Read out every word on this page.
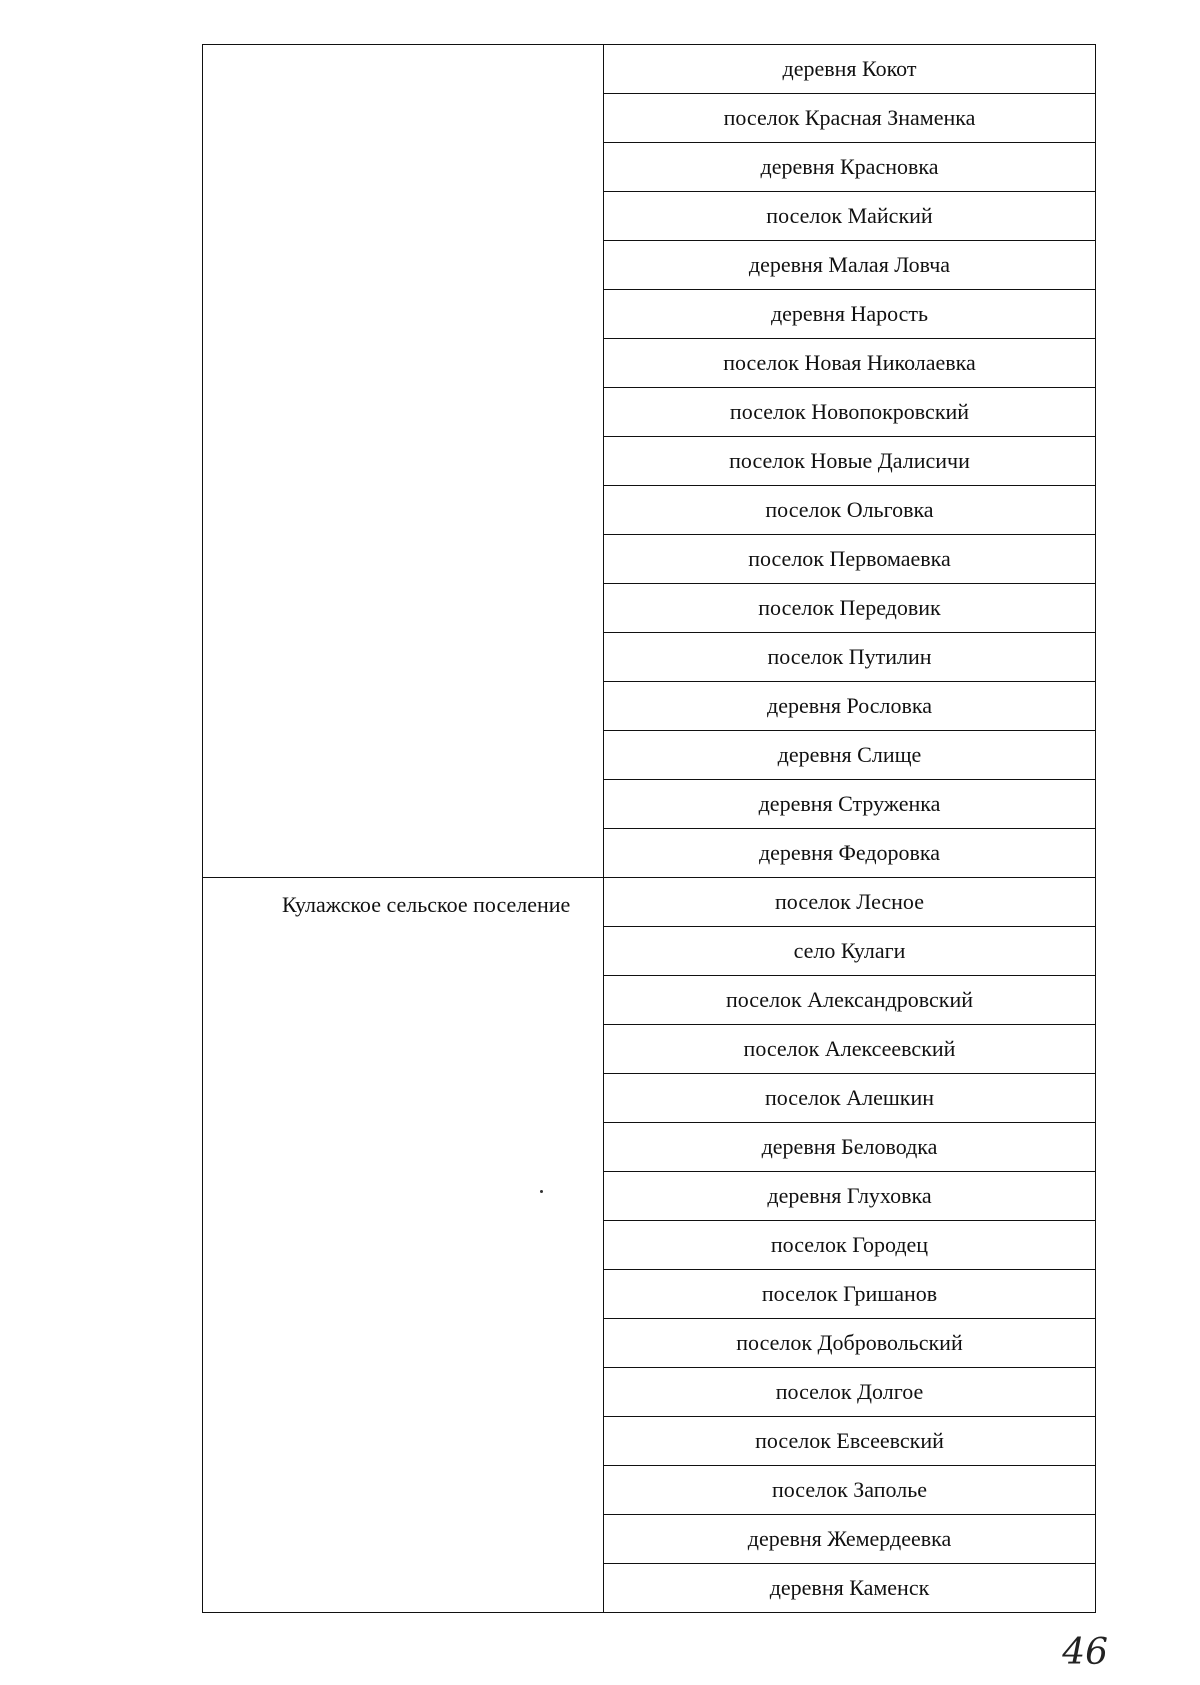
	деревня Кокот
	поселок Красная Знаменка
	деревня Красновка
	поселок Майский
	деревня Малая Ловча
	деревня Нарость
	поселок Новая Николаевка
	поселок Новопокровский
	поселок Новые Далисичи
	поселок Ольговка
	поселок Первомаевка
	поселок Передовик
	поселок Путилин
	деревня Рословка
	деревня Слище
	деревня Струженка
	деревня Федоровка

Кулажское сельское поселение	поселок Лесное
	село Кулаги
	поселок Александровский
	поселок Алексеевский
	поселок Алешкин
	деревня Беловодка
	деревня Глуховка
	поселок Городец
	поселок Гришанов
	поселок Добровольский
	поселок Долгое
	поселок Евсеевский
	поселок Заполье
	деревня Жемердеевка
	деревня Каменск
46
